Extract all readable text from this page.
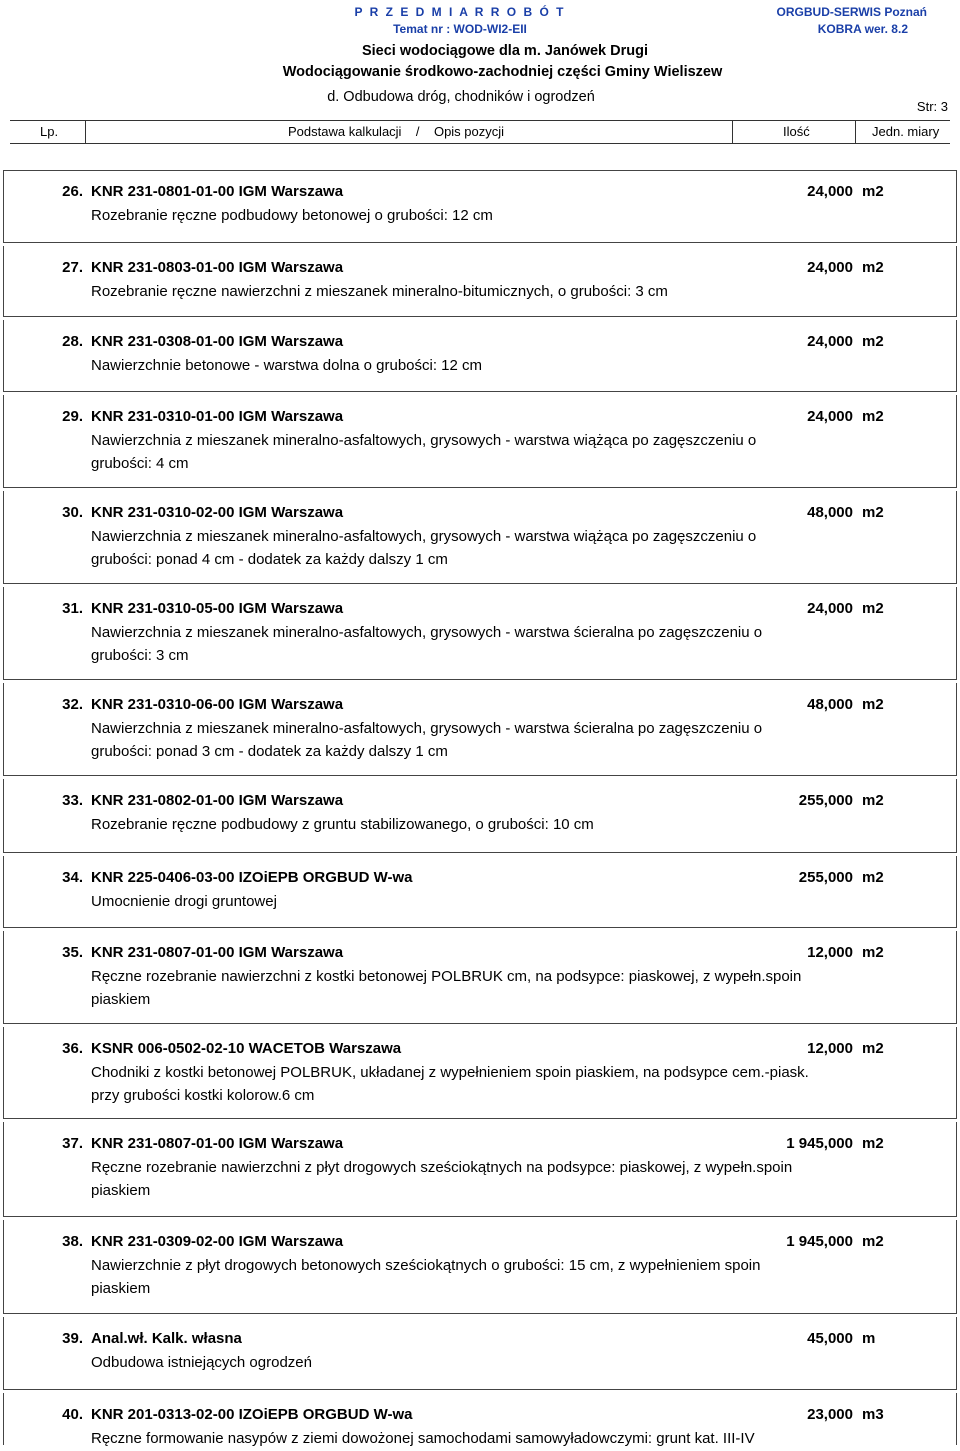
P R Z E D M I A R R O B Ó T
Temat nr : WOD-WI2-EII
ORGBUD-SERWIS Poznań
KOBRA wer. 8.2
Sieci wodociągowe dla m. Janówek Drugi
Wodociągowanie środkowo-zachodniej części Gminy Wieliszew
d. Odbudowa dróg, chodników i ogrodzeń
Str: 3
Lp.	Podstawa kalkulacji    /    Opis pozycji	Ilość	Jedn. miary
26. KNR 231-0801-01-00 IGM Warszawa	24,000 m2
Rozebranie ręczne podbudowy betonowej o grubości: 12 cm
27. KNR 231-0803-01-00 IGM Warszawa	24,000 m2
Rozebranie ręczne nawierzchni z mieszanek mineralno-bitumicznych, o grubości: 3 cm
28. KNR 231-0308-01-00 IGM Warszawa	24,000 m2
Nawierzchnie betonowe - warstwa dolna o grubości: 12 cm
29. KNR 231-0310-01-00 IGM Warszawa	24,000 m2
Nawierzchnia z mieszanek mineralno-asfaltowych, grysowych - warstwa wiążąca po zagęszczeniu o grubości: 4 cm
30. KNR 231-0310-02-00 IGM Warszawa	48,000 m2
Nawierzchnia z mieszanek mineralno-asfaltowych, grysowych - warstwa wiążąca po zagęszczeniu o grubości: ponad 4 cm - dodatek za każdy dalszy 1 cm
31. KNR 231-0310-05-00 IGM Warszawa	24,000 m2
Nawierzchnia z mieszanek mineralno-asfaltowych, grysowych - warstwa ścieralna po zagęszczeniu o grubości: 3 cm
32. KNR 231-0310-06-00 IGM Warszawa	48,000 m2
Nawierzchnia z mieszanek mineralno-asfaltowych, grysowych - warstwa ścieralna po zagęszczeniu o grubości: ponad 3 cm - dodatek za każdy dalszy 1 cm
33. KNR 231-0802-01-00 IGM Warszawa	255,000 m2
Rozebranie ręczne podbudowy z gruntu stabilizowanego, o grubości: 10 cm
34. KNR 225-0406-03-00 IZOiEPB ORGBUD W-wa	255,000 m2
Umocnienie drogi gruntowej
35. KNR 231-0807-01-00 IGM Warszawa	12,000 m2
Ręczne rozebranie nawierzchni z kostki betonowej POLBRUK cm, na podsypce: piaskowej, z wypełn.spoin piaskiem
36. KSNR 006-0502-02-10 WACETOB Warszawa	12,000 m2
Chodniki z kostki betonowej POLBRUK, układanej z wypełnieniem spoin piaskiem, na podsypce cem.-piask. przy grubości kostki kolorow.6 cm
37. KNR 231-0807-01-00 IGM Warszawa	1 945,000 m2
Ręczne rozebranie nawierzchni z płyt drogowych sześciokątnych na podsypce: piaskowej, z wypełn.spoin piaskiem
38. KNR 231-0309-02-00 IGM Warszawa	1 945,000 m2
Nawierzchnie z płyt drogowych betonowych sześciokątnych o grubości: 15 cm, z wypełnieniem spoin piaskiem
39. Anal.wł. Kalk. własna	45,000 m
Odbudowa istniejących ogrodzeń
40. KNR 201-0313-02-00 IZOiEPB ORGBUD W-wa	23,000 m3
Ręczne formowanie nasypów z ziemi dowożonej samochodami samowyładowczymi: grunt kat. III-IV
